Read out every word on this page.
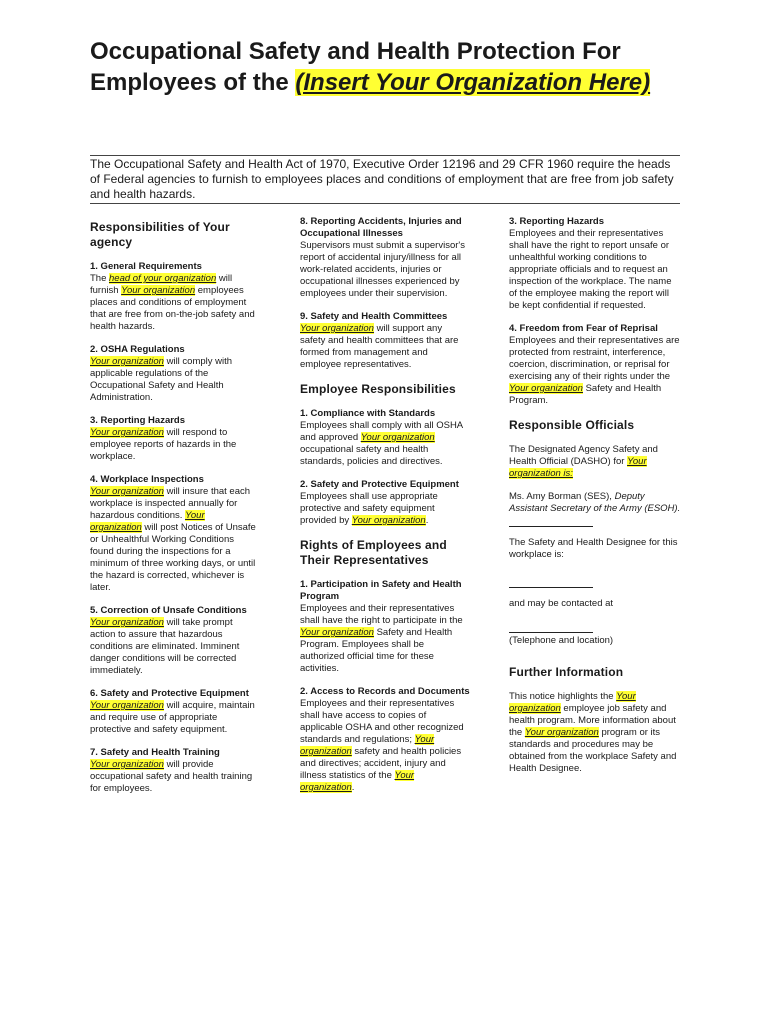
Occupational Safety and Health Protection For Employees of the (Insert Your Organization Here)

The Occupational Safety and Health Act of 1970, Executive Order 12196 and 29 CFR 1960 require the heads of Federal agencies to furnish to employees places and conditions of employment that are free from job safety and health hazards.

Responsibilities of Your agency

1. General Requirements
The head of your organization will furnish Your organization employees places and conditions of employment that are free from on-the-job safety and health hazards.
2. OSHA Regulations
Your organization will comply with applicable regulations of the Occupational Safety and Health Administration.
3. Reporting Hazards
Your organization will respond to employee reports of hazards in the workplace.
4. Workplace Inspections
Your organization will insure that each workplace is inspected annually for hazardous conditions. Your organization will post Notices of Unsafe or Unhealthful Working Conditions found during the inspections for a minimum of three working days, or until the hazard is corrected, whichever is later.
5. Correction of Unsafe Conditions
Your organization will take prompt action to assure that hazardous conditions are eliminated. Imminent danger conditions will be corrected immediately.
6. Safety and Protective Equipment
Your organization will acquire, maintain and require use of appropriate protective and safety equipment.
7. Safety and Health Training
Your organization will provide occupational safety and health training for employees.
8. Reporting Accidents, Injuries and Occupational Illnesses
Supervisors must submit a supervisor's report of accidental injury/illness for all work-related accidents, injuries or occupational illnesses experienced by employees under their supervision.
9. Safety and Health Committees
Your organization will support any safety and health committees that are formed from management and employee representatives.

Employee Responsibilities

1. Compliance with Standards
Employees shall comply with all OSHA and approved Your organization occupational safety and health standards, policies and directives.
2. Safety and Protective Equipment
Employees shall use appropriate protective and safety equipment provided by Your organization.

Rights of Employees and Their Representatives

1. Participation in Safety and Health Program
Employees and their representatives shall have the right to participate in the Your organization Safety and Health Program. Employees shall be authorized official time for these activities.
2. Access to Records and Documents
Employees and their representatives shall have access to copies of applicable OSHA and other recognized standards and regulations; Your organization safety and health policies and directives; accident, injury and illness statistics of the Your organization.
3. Reporting Hazards
Employees and their representatives shall have the right to report unsafe or unhealthful working conditions to appropriate officials and to request an inspection of the workplace. The name of the employee making the report will be kept confidential if requested.
4. Freedom from Fear of Reprisal
Employees and their representatives are protected from restraint, interference, coercion, discrimination, or reprisal for exercising any of their rights under the Your organization Safety and Health Program.

Responsible Officials

The Designated Agency Safety and Health Official (DASHO) for Your organization is:
Ms. Amy Borman (SES), Deputy Assistant Secretary of the Army (ESOH).
The Safety and Health Designee for this workplace is:
and may be contacted at
(Telephone and location)

Further Information

This notice highlights the Your organization employee job safety and health program. More information about the Your organization program or its standards and procedures may be obtained from the workplace Safety and Health Designee.
